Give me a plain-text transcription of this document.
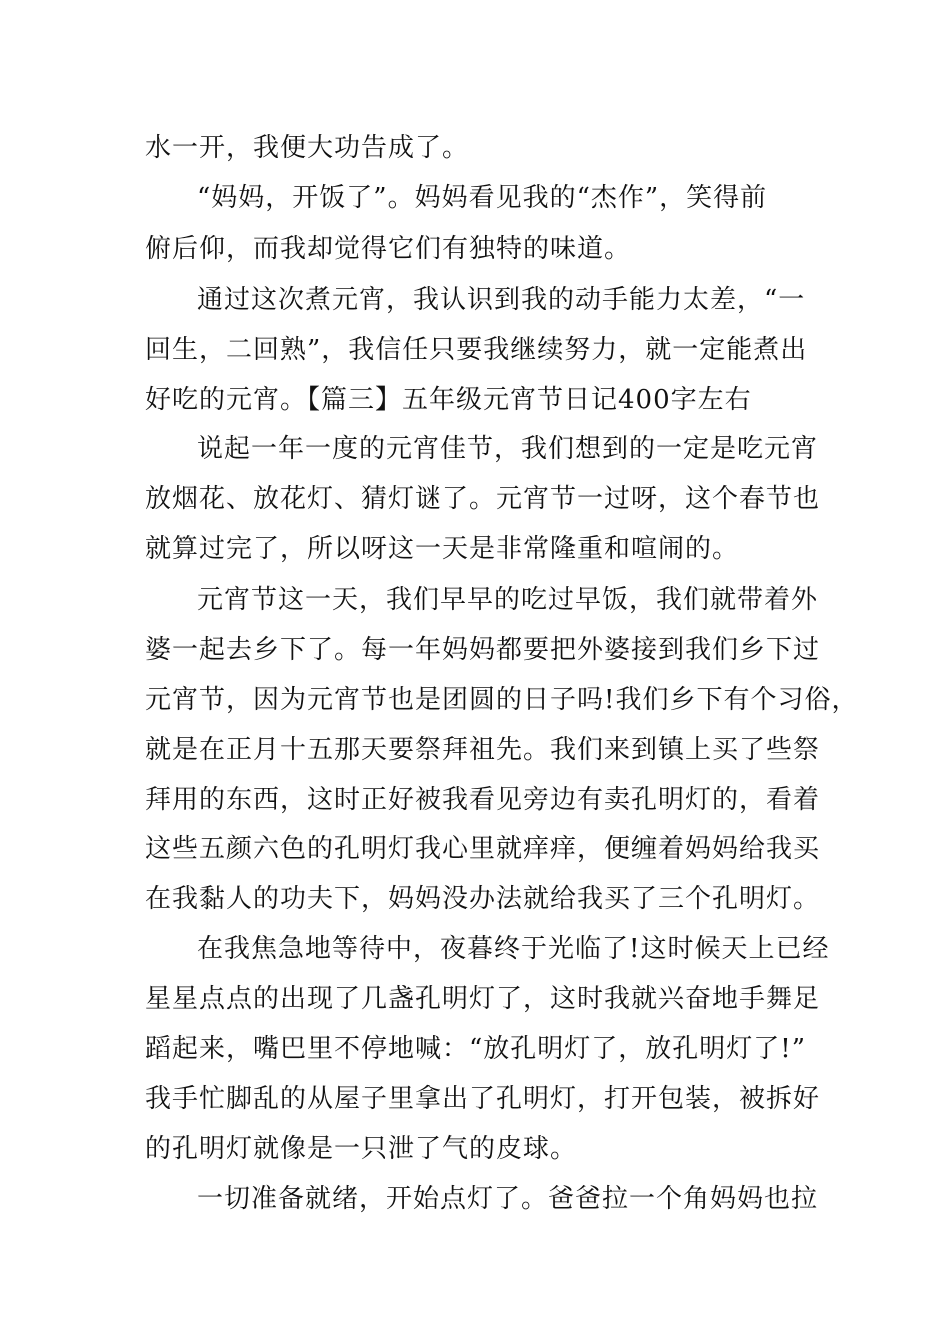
水一开，我便大功告成了。
“妈妈，开饭了”。妈妈看见我的“杰作”，笑得前
俯后仰，而我却觉得它们有独特的味道。
通过这次煮元宵，我认识到我的动手能力太差，“一
回生，二回熟”，我信任只要我继续努力，就一定能煮出
好吃的元宵。【篇三】五年级元宵节日记400字左右
说起一年一度的元宵佳节，我们想到的一定是吃元宵
放烟花、放花灯、猜灯谜了。元宵节一过呀，这个春节也
就算过完了，所以呀这一天是非常隆重和喧闹的。
元宵节这一天，我们早早的吃过早饭，我们就带着外
婆一起去乡下了。每一年妈妈都要把外婆接到我们乡下过
元宵节，因为元宵节也是团圆的日子吗!我们乡下有个习俗，
就是在正月十五那天要祭拜祖先。我们来到镇上买了些祭
拜用的东西，这时正好被我看见旁边有卖孔明灯的，看着
这些五颜六色的孔明灯我心里就痒痒，便缠着妈妈给我买
在我黏人的功夫下，妈妈没办法就给我买了三个孔明灯。
在我焦急地等待中，夜暮终于光临了!这时候天上已经
星星点点的出现了几盏孔明灯了，这时我就兴奋地手舞足
蹈起来，嘴巴里不停地喊：“放孔明灯了，放孔明灯了!”
我手忙脚乱的从屋子里拿出了孔明灯，打开包装，被拆好
的孔明灯就像是一只泄了气的皮球。
一切准备就绪，开始点灯了。爸爸拉一个角妈妈也拉
